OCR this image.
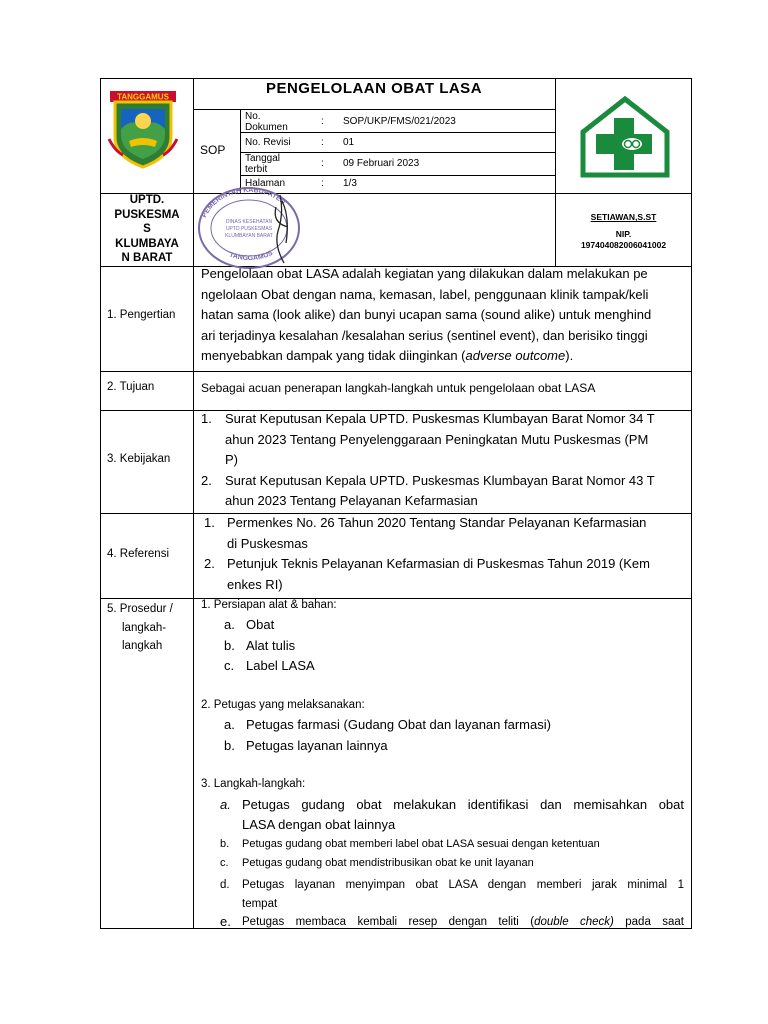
TANGGAMUS	PENGELOLAAN OBAT LASA
SOP
No. Dokumen
: SOP/UKP/FMS/021/2023
No. Revisi	: 01
Tanggal terbit
: 09 Februari 2023
Halaman	: 1/3
UPTD.
PUSKESMA
S
KLUMBAYA
N BARAT
PEMERINTAH KABUPATEN
TANGGAMUS
DINAS KESEHATAN
UPTD PUSKESMAS
KLUMBAYAN BARAT
SETIAWAN,S.ST
NIP.
197404082006041002
1. Pengertian
Pengelolaan obat LASA adalah kegiatan yang dilakukan dalam melakukan pe
ngelolaan Obat dengan nama, kemasan, label, penggunaan klinik tampak/keli
hatan sama (look alike) dan bunyi ucapan sama (sound alike) untuk menghind
ari terjadinya kesalahan /kesalahan serius (sentinel event), dan berisiko tinggi
menyebabkan dampak yang tidak diinginkan (adverse outcome).
2. Tujuan	Sebagai acuan penerapan langkah-langkah untuk pengelolaan obat LASA
3. Kebijakan
1. Surat Keputusan Kepala UPTD. Puskesmas Klumbayan Barat Nomor 34 T
ahun 2023 Tentang Penyelenggaraan Peningkatan Mutu Puskesmas (PM
P)
2. Surat Keputusan Kepala UPTD. Puskesmas Klumbayan Barat Nomor 43 T
ahun 2023 Tentang Pelayanan Kefarmasian
4. Referensi
1. Permenkes No. 26 Tahun 2020 Tentang Standar Pelayanan Kefarmasian
di Puskesmas
2. Petunjuk Teknis Pelayanan Kefarmasian di Puskesmas Tahun 2019 (Kem
enkes RI)
5. Prosedur /
langkah-
langkah
1. Persiapan alat & bahan:
a. Obat
b. Alat tulis
c. Label LASA
2. Petugas yang melaksanakan:
a. Petugas farmasi (Gudang Obat dan layanan farmasi)
b. Petugas layanan lainnya
3. Langkah-langkah:
a. Petugas gudang obat melakukan identifikasi dan memisahkan obat
LASA dengan obat lainnya
b. Petugas gudang obat memberi label obat LASA sesuai dengan ketentuan
c. Petugas gudang obat mendistribusikan obat ke unit layanan
d. Petugas layanan menyimpan obat LASA dengan memberi jarak minimal 1
tempat
e. Petugas membaca kembali resep dengan teliti (double check) pada saat
